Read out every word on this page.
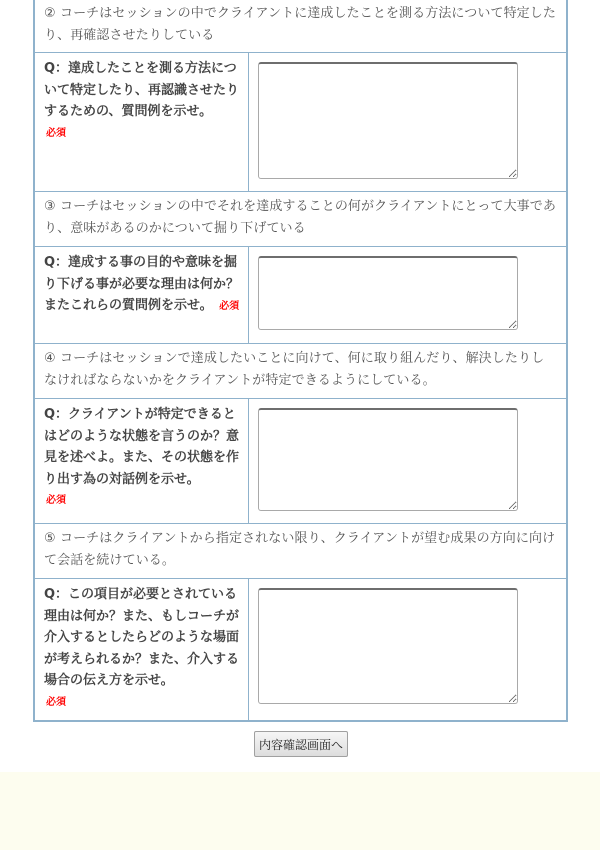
② コーチはセッションの中でクライアントに達成したことを測る方法について特定したり、再確認させたりしている	
Q：達成したことを測る方法について特定したり、再認識させたりするための、質問例を示せ。
必須

③ コーチはセッションの中でそれを達成することの何がクライアントにとって大事であり、意味があるのかについて掘り下げている	
Q：達成する事の目的や意味を掘り下げる事が必要な理由は何か？またこれらの質問例を示せ。 必須	

④ コーチはセッションで達成したいことに向けて、何に取り組んだり、解決したりしなければならないかをクライアントが特定できるようにしている。	
Q：クライアントが特定できるとはどのような状態を言うのか？意見を述べよ。また、その状態を作り出す為の対話例を示せ。
必須

⑤ コーチはクライアントから指定されない限り、クライアントが望む成果の方向に向けて会話を続けている。	
Q：この項目が必要とされている理由は何か？また、もしコーチが介入するとしたらどのような場面が考えられるか？また、介入する場合の伝え方を示せ。
必須

内容確認画面へ
